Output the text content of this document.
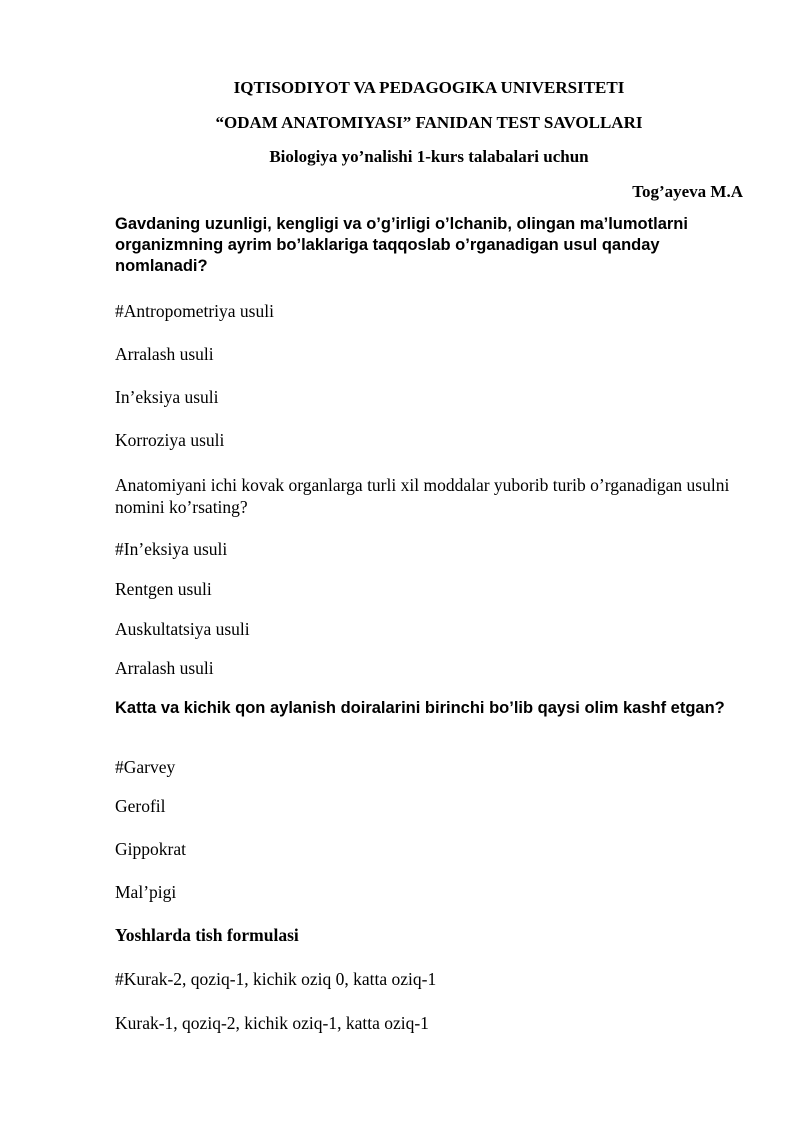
IQTISODIYOT VA PEDAGOGIKA UNIVERSITETI
“ODAM ANATOMIYASI” FANIDAN TEST SAVOLLARI
Biologiya yo’nalishi 1-kurs talabalari uchun
Tog’ayeva M.A
Gavdaning uzunligi, kengligi va o’g’irligi o’lchanib, olingan ma’lumotlarni organizmning ayrim bo’laklariga taqqoslab o’rganadigan usul qanday nomlanadi?
#Antropometriya usuli
Arralash usuli
In’eksiya usuli
Korroziya usuli
Anatomiyani ichi kovak organlarga turli xil moddalar yuborib turib o’rganadigan usulni nomini ko’rsating?
#In’eksiya usuli
Rentgen usuli
Auskultatsiya usuli
Arralash usuli
Katta va kichik qon aylanish doiralarini birinchi bo’lib qaysi olim kashf etgan?
#Garvey
Gerofil
Gippokrat
Mal’pigi
Yoshlarda tish formulasi
#Kurak-2, qoziq-1, kichik oziq 0, katta oziq-1
Kurak-1, qoziq-2, kichik oziq-1, katta oziq-1
